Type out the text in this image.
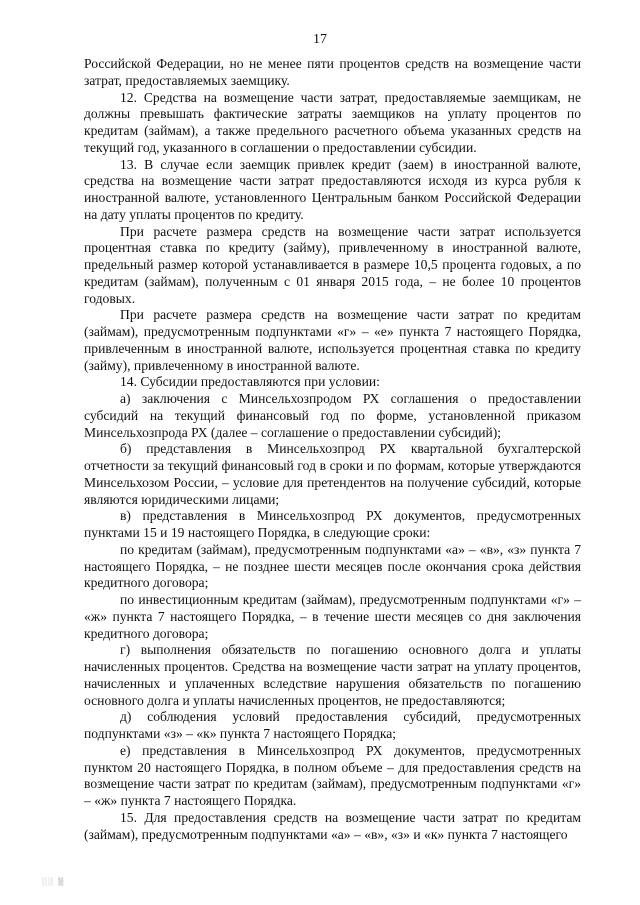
17

Российской Федерации, но не менее пяти процентов средств на возмещение части затрат, предоставляемых заемщику.

12. Средства на возмещение части затрат, предоставляемые заемщикам, не должны превышать фактические затраты заемщиков на уплату процентов по кредитам (займам), а также предельного расчетного объема указанных средств на текущий год, указанного в соглашении о предоставлении субсидии.

13. В случае если заемщик привлек кредит (заем) в иностранной валюте, средства на возмещение части затрат предоставляются исходя из курса рубля к иностранной валюте, установленного Центральным банком Российской Федерации на дату уплаты процентов по кредиту.

При расчете размера средств на возмещение части затрат используется процентная ставка по кредиту (займу), привлеченному в иностранной валюте, предельный размер которой устанавливается в размере 10,5 процента годовых, а по кредитам (займам), полученным с 01 января 2015 года, – не более 10 процентов годовых.

При расчете размера средств на возмещение части затрат по кредитам (займам), предусмотренным подпунктами «г» – «е» пункта 7 настоящего Порядка, привлеченным в иностранной валюте, используется процентная ставка по кредиту (займу), привлеченному в иностранной валюте.

14. Субсидии предоставляются при условии:

а) заключения с Минсельхозпродом РХ соглашения о предоставлении субсидий на текущий финансовый год по форме, установленной приказом Минсельхозпрода РХ (далее – соглашение о предоставлении субсидий);

б) представления в Минсельхозпрод РХ квартальной бухгалтерской отчетности за текущий финансовый год в сроки и по формам, которые утверждаются Минсельхозом России, – условие для претендентов на получение субсидий, которые являются юридическими лицами;

в) представления в Минсельхозпрод РХ документов, предусмотренных пунктами 15 и 19 настоящего Порядка, в следующие сроки:

по кредитам (займам), предусмотренным подпунктами «а» – «в», «з» пункта 7 настоящего Порядка, – не позднее шести месяцев после окончания срока действия кредитного договора;

по инвестиционным кредитам (займам), предусмотренным подпунктами «г» – «ж» пункта 7 настоящего Порядка, – в течение шести месяцев со дня заключения кредитного договора;

г) выполнения обязательств по погашению основного долга и уплаты начисленных процентов. Средства на возмещение части затрат на уплату процентов, начисленных и уплаченных вследствие нарушения обязательств по погашению основного долга и уплаты начисленных процентов, не предоставляются;

д) соблюдения условий предоставления субсидий, предусмотренных подпунктами «з» – «к» пункта 7 настоящего Порядка;

е) представления в Минсельхозпрод РХ документов, предусмотренных пунктом 20 настоящего Порядка, в полном объеме – для предоставления средств на возмещение части затрат по кредитам (займам), предусмотренным подпунктами «г» – «ж» пункта 7 настоящего Порядка.

15. Для предоставления средств на возмещение части затрат по кредитам (займам), предусмотренным подпунктами «а» – «в», «з» и «к» пункта 7 настоящего

░░ ▒
